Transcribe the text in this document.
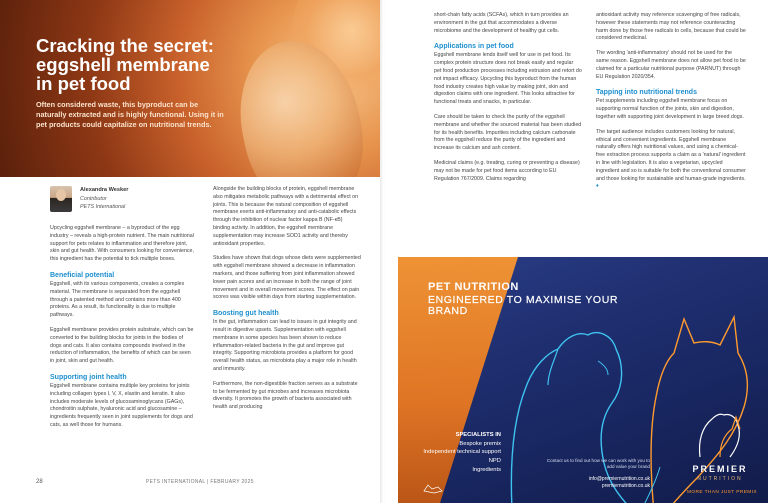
Cracking the secret: eggshell membrane in pet food

Often considered waste, this byproduct can be naturally extracted and is highly functional. Using it in pet products could capitalize on nutritional trends.

Alexandra Wesker
Contributor
PETS International

Upcycling eggshell membrane – a byproduct of the egg industry – reveals a high-protein nutrient. The main nutritional support for pets relates to inflammation and therefore joint, skin and gut health. With consumers looking for convenience, this ingredient has the potential to tick multiple boxes.

Beneficial potential

Eggshell, with its various components, creates a complex material. The membrane is separated from the eggshell through a patented method and contains more than 400 proteins. As a result, its functionality is due to multiple pathways.

Eggshell membrane provides protein substrate, which can be converted to the building blocks for joints in the bodies of dogs and cats. It also contains compounds involved in the reduction of inflammation, the benefits of which can be seen in joint, skin and gut health.

Supporting joint health

Eggshell membrane contains multiple key proteins for joints including collagen types I, V, X, elastin and keratin. It also includes moderate levels of glucosaminoglycans (GAGs), chondroitin sulphate, hyaluronic acid and glucosamine – ingredients frequently seen in joint supplements for dogs and cats, as well those for humans.

Alongside the building blocks of protein, eggshell membrane also mitigates metabolic pathways with a detrimental effect on joints. This is because the natural composition of eggshell membrane exerts anti-inflammatory and anti-catabolic effects through the inhibition of nuclear factor kappa B (NF-κB) binding activity. In addition, the eggshell membrane supplementation may increase SOD1 activity and thereby antioxidant properties.

Studies have shown that dogs whose diets were supplemented with eggshell membrane showed a decrease in inflammation markers, and those suffering from joint inflammation showed lower pain scores and an increase in both the range of joint movement and in overall movement scores. The effect on pain scores was visible within days from starting supplementation.

Boosting gut health

In the gut, inflammation can lead to issues in gut integrity and result in digestive upsets. Supplementation with eggshell membrane in some species has been shown to reduce inflammation-related bacteria in the gut and improve gut integrity. Supporting microbiota provides a platform for good overall health status, as microbiota play a major role in health and immunity.

Furthermore, the non-digestible fraction serves as a substrate to be fermented by gut microbes and increases microbiota diversity. It promotes the growth of bacteria associated with health and producing

28	PETS INTERNATIONAL | FEBRUARY 2025

short-chain fatty acids (SCFAs), which in turn provides an environment in the gut that accommodates a diverse microbiome and the development of healthy gut cells.

Applications in pet food

Eggshell membrane lends itself well for use in pet food. Its complex protein structure does not break easily and regular pet food production processes including extrusion and retort do not impact efficacy. Upcycling this byproduct from the human food industry creates high value by making joint, skin and digestion claims with one ingredient. This looks attractive for functional treats and snacks, in particular.

Care should be taken to check the purity of the eggshell membrane and whether the sourced material has been studied for its health benefits. Impurities including calcium carbonate from the eggshell reduce the purity of the ingredient and increase its calcium and ash content.

Medicinal claims (e.g. treating, curing or preventing a disease) may not be made for pet food items according to EU Regulation 767/2009. Claims regarding

antioxidant activity may reference scavenging of free radicals, however these statements may not reference counteracting harm done by those free radicals to cells, because that could be considered medicinal.

The wording 'anti-inflammatory' should not be used for the same reason. Eggshell membrane does not allow pet food to be claimed for a particular nutritional purpose (PARNUT) through EU Regulation 2020/354.

Tapping into nutritional trends

Pet supplements including eggshell membrane focus on supporting normal function of the joints, skin and digestion, together with supporting joint development in large breed dogs.

The target audience includes customers looking for natural, ethical and convenient ingredients. Eggshell membrane naturally offers high nutritional values, and using a chemical-free extraction process supports a claim as a 'natural' ingredient in line with legislation. It is also a vegetarian, upcycled ingredient and so is suitable for both the conventional consumer and those looking for sustainable and human-grade ingredients. ♦

PET NUTRITION
ENGINEERED TO MAXIMISE YOUR BRAND
SPECIALISTS IN
Bespoke premix
Independent technical support
NPD
Ingredients
Contact us to find out how we can work with you to add value your brand
info@premiernutrition.co.uk
premiernutrition.co.uk
PREMIER
NUTRITION
MORE THAN JUST PREMIX
